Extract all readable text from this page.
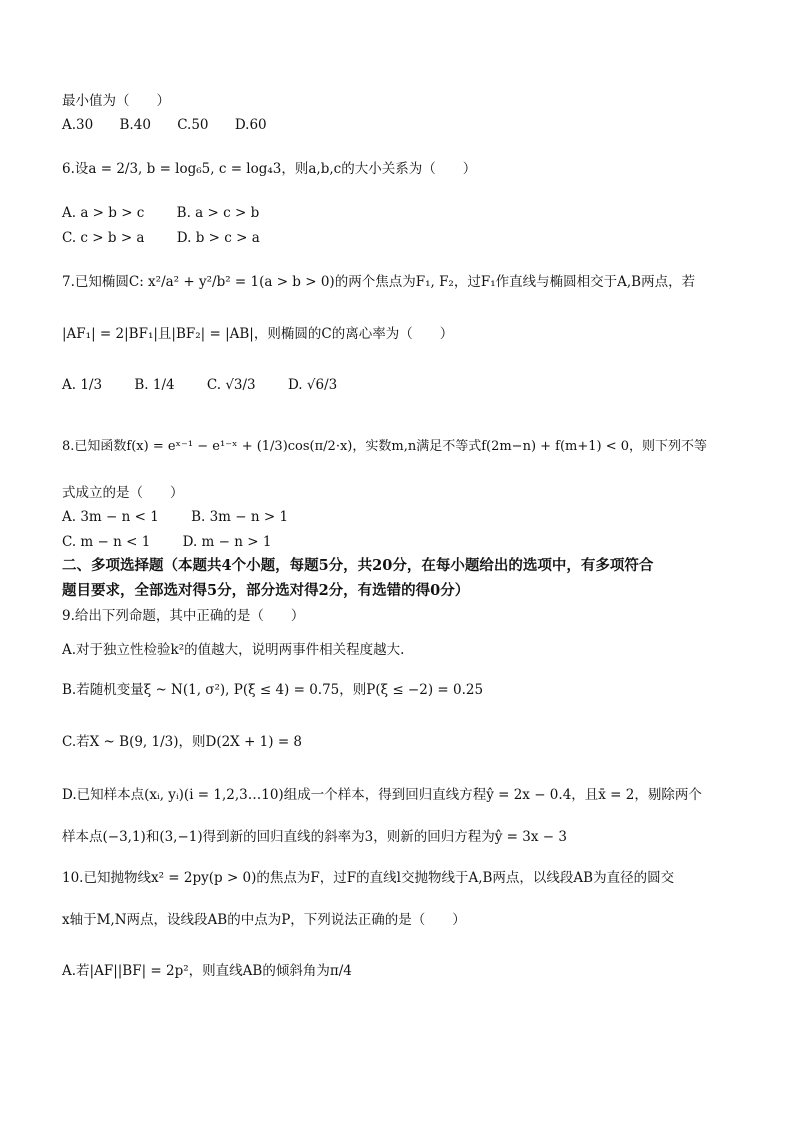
最小值为（　　）
A.30 B.40 C.50 D.60
6.设a = 2/3, b = log₆5, c = log₄3，则a,b,c的大小关系为（　　）
A. a > b > c B. a > c > b
C. c > b > a D. b > c > a
7.已知椭圆C: x²/a² + y²/b² = 1(a > b > 0)的两个焦点为F₁, F₂，过F₁作直线与椭圆相交于A,B两点，若
|AF₁| = 2|BF₁|且|BF₂| = |AB|，则椭圆的C的离心率为（　　）
A. 1/3 B. 1/4 C. √3/3 D. √6/3
8.已知函数f(x) = eˣ⁻¹ − e¹⁻ˣ + (1/3)cos(π/2·x)，实数m,n满足不等式f(2m−n) + f(m+1) < 0，则下列不等
式成立的是（　　）
A. 3m − n < 1 B. 3m − n > 1
C. m − n < 1 D. m − n > 1
二、多项选择题（本题共4个小题，每题5分，共20分，在每小题给出的选项中，有多项符合
题目要求，全部选对得5分，部分选对得2分，有选错的得0分）
9.给出下列命题，其中正确的是（　　）
A.对于独立性检验k²的值越大，说明两事件相关程度越大.
B.若随机变量ξ ~ N(1, σ²), P(ξ ≤ 4) = 0.75，则P(ξ ≤ −2) = 0.25
C.若X ~ B(9, 1/3)，则D(2X + 1) = 8
D.已知样本点(xᵢ, yᵢ)(i = 1,2,3…10)组成一个样本，得到回归直线方程ŷ = 2x − 0.4，且x̄ = 2，剔除两个
样本点(−3,1)和(3,−1)得到新的回归直线的斜率为3，则新的回归方程为ŷ = 3x − 3
10.已知抛物线x² = 2py(p > 0)的焦点为F，过F的直线l交抛物线于A,B两点，以线段AB为直径的圆交
x轴于M,N两点，设线段AB的中点为P，下列说法正确的是（　　）
A.若|AF||BF| = 2p²，则直线AB的倾斜角为π/4
